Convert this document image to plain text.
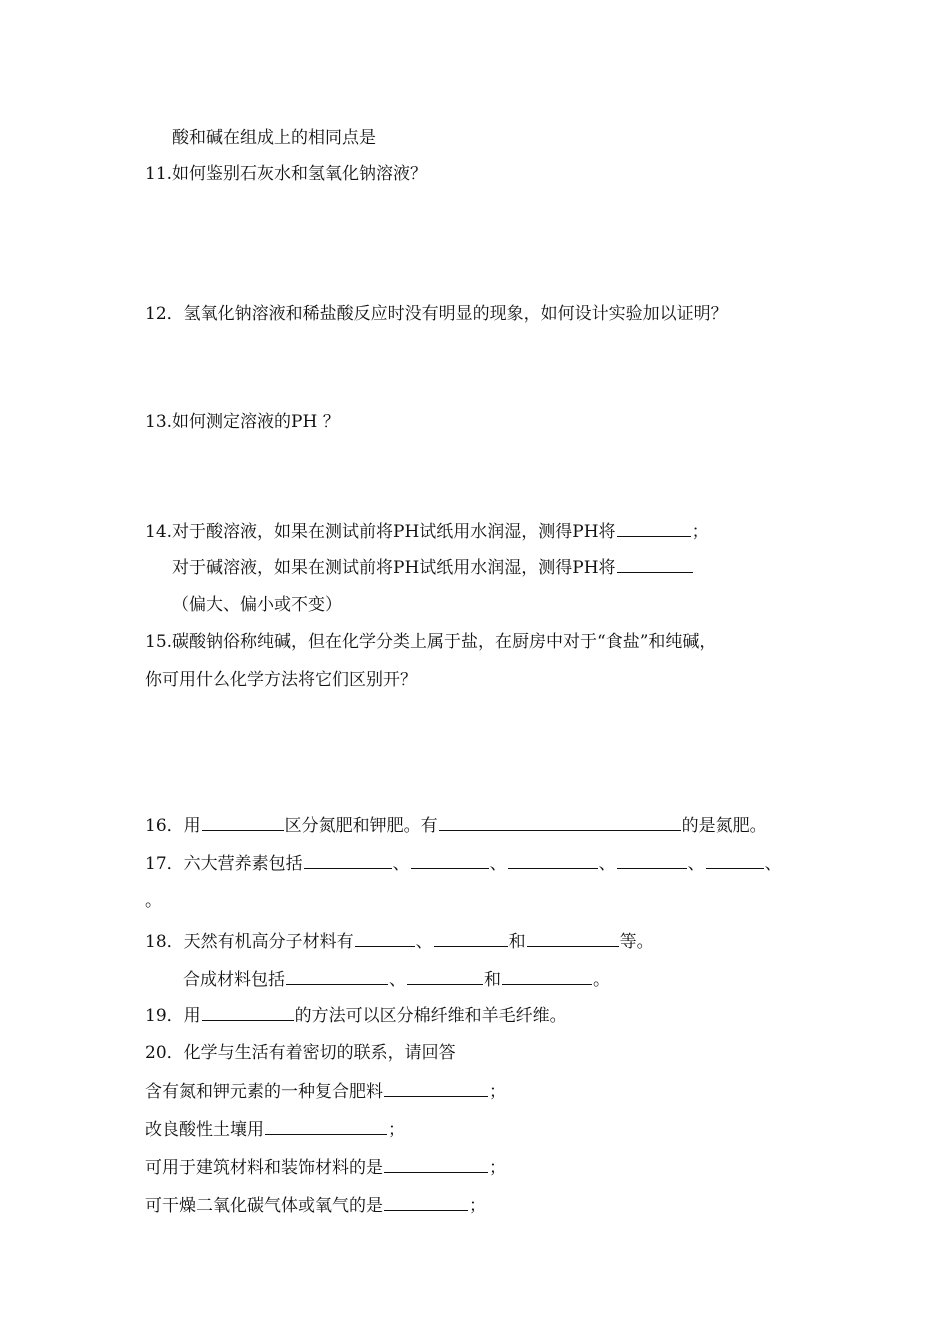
酸和碱在组成上的相同点是
11.如何鉴别石灰水和氢氧化钠溶液？
12．氢氧化钠溶液和稀盐酸反应时没有明显的现象，如何设计实验加以证明？
13.如何测定溶液的PH ？
14.对于酸溶液，如果在测试前将PH试纸用水润湿，测得PH将	；
对于碱溶液，如果在测试前将PH试纸用水润湿，测得PH将
（偏大、偏小或不变）
15.碳酸钠俗称纯碱，但在化学分类上属于盐，在厨房中对于“食盐”和纯碱，
你可用什么化学方法将它们区别开？
16．用	区分氮肥和钾肥。有	的是氮肥。
17．六大营养素包括	、	、	、	、	、
。
18．天然有机高分子材料有	、	和	等。
合成材料包括	、	和	。
19．用	的方法可以区分棉纤维和羊毛纤维。
20．化学与生活有着密切的联系，请回答
含有氮和钾元素的一种复合肥料	；
改良酸性土壤用	；
可用于建筑材料和装饰材料的是	；
可干燥二氧化碳气体或氧气的是	；
